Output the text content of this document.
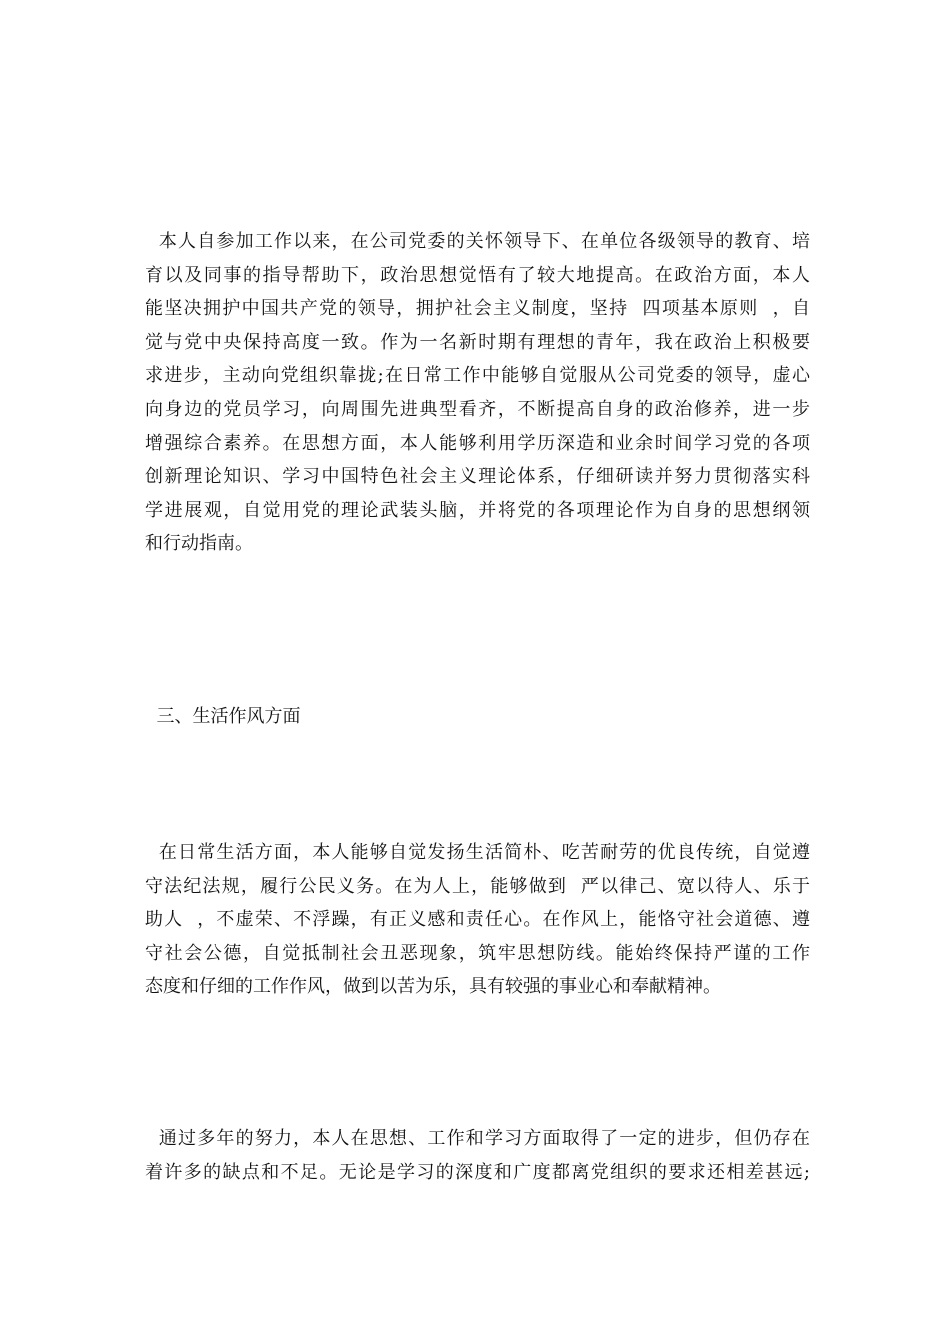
本人自参加工作以来，在公司党委的关怀领导下、在单位各级领导的教育、培
育以及同事的指导帮助下，政治思想觉悟有了较大地提高。在政治方面，本人
能坚决拥护中国共产党的领导，拥护社会主义制度，坚持  四项基本原则  ，自
觉与党中央保持高度一致。作为一名新时期有理想的青年，我在政治上积极要
求进步，主动向党组织靠拢;在日常工作中能够自觉服从公司党委的领导，虚心
向身边的党员学习，向周围先进典型看齐，不断提高自身的政治修养，进一步
增强综合素养。在思想方面，本人能够利用学历深造和业余时间学习党的各项
创新理论知识、学习中国特色社会主义理论体系，仔细研读并努力贯彻落实科
学进展观，自觉用党的理论武装头脑，并将党的各项理论作为自身的思想纲领
和行动指南。
三、生活作风方面
在日常生活方面，本人能够自觉发扬生活简朴、吃苦耐劳的优良传统，自觉遵
守法纪法规，履行公民义务。在为人上，能够做到  严以律己、宽以待人、乐于
助人  ，不虚荣、不浮躁，有正义感和责任心。在作风上，能恪守社会道德、遵
守社会公德，自觉抵制社会丑恶现象，筑牢思想防线。能始终保持严谨的工作
态度和仔细的工作作风，做到以苦为乐，具有较强的事业心和奉献精神。
通过多年的努力，本人在思想、工作和学习方面取得了一定的进步，但仍存在
着许多的缺点和不足。无论是学习的深度和广度都离党组织的要求还相差甚远;
